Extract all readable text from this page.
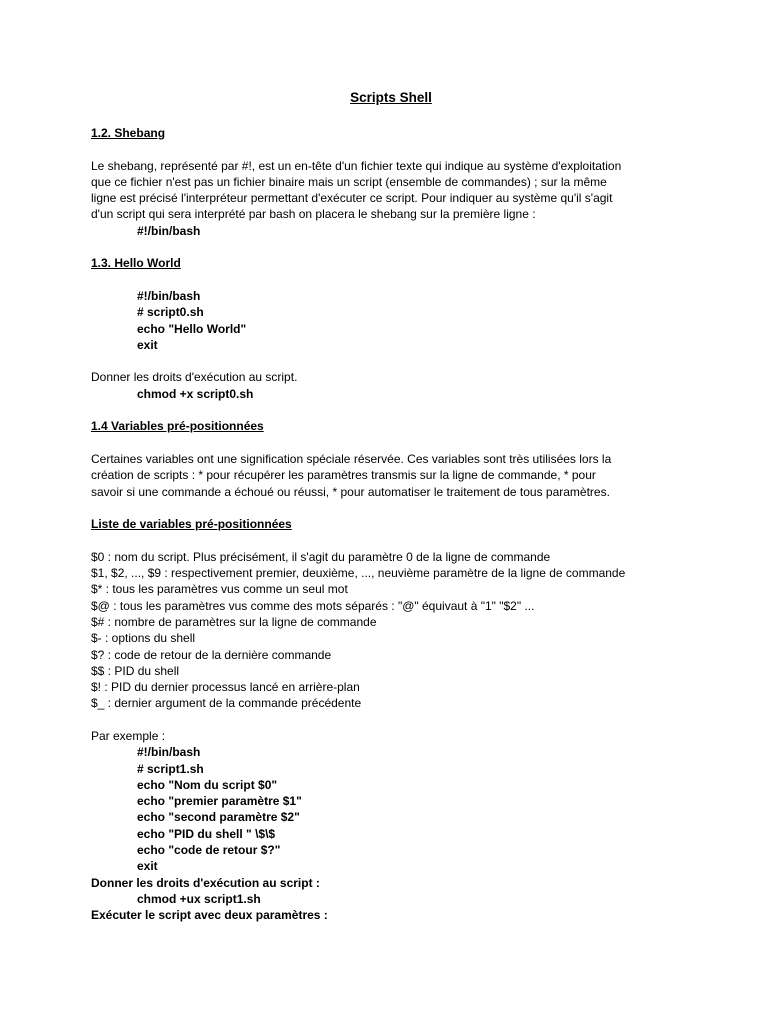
Scripts Shell
1.2. Shebang
Le shebang, représenté par #!, est un en-tête d'un fichier texte qui indique au système d'exploitation
que ce fichier n'est pas un fichier binaire mais un script (ensemble de commandes) ; sur la même
ligne est précisé l'interpréteur permettant d'exécuter ce script. Pour indiquer au système qu'il s'agit
d'un script qui sera interprété par bash on placera le shebang sur la première ligne :
#!/bin/bash
1.3. Hello World
#!/bin/bash
# script0.sh
echo "Hello World"
exit
Donner les droits d'exécution au script.
chmod +x script0.sh
1.4 Variables pré-positionnées
Certaines variables ont une signification spéciale réservée. Ces variables sont très utilisées lors la
création de scripts : * pour récupérer les paramètres transmis sur la ligne de commande, * pour
savoir si une commande a échoué ou réussi, * pour automatiser le traitement de tous paramètres.
Liste de variables pré-positionnées
$0 : nom du script. Plus précisément, il s'agit du paramètre 0 de la ligne de commande
$1, $2, ..., $9 : respectivement premier, deuxième, ..., neuvième paramètre de la ligne de commande
$* : tous les paramètres vus comme un seul mot
$@ : tous les paramètres vus comme des mots séparés : "@" équivaut à "1" "$2" ...
$# : nombre de paramètres sur la ligne de commande
$- : options du shell
$? : code de retour de la dernière commande
$$ : PID du shell
$! : PID du dernier processus lancé en arrière-plan
$_ : dernier argument de la commande précédente
Par exemple :
#!/bin/bash
# script1.sh
echo "Nom du script $0"
echo "premier paramètre $1"
echo "second paramètre $2"
echo "PID du shell " \$\$
echo "code de retour $?"
exit
Donner les droits d'exécution au script :
chmod +ux script1.sh
Exécuter le script avec deux paramètres :
